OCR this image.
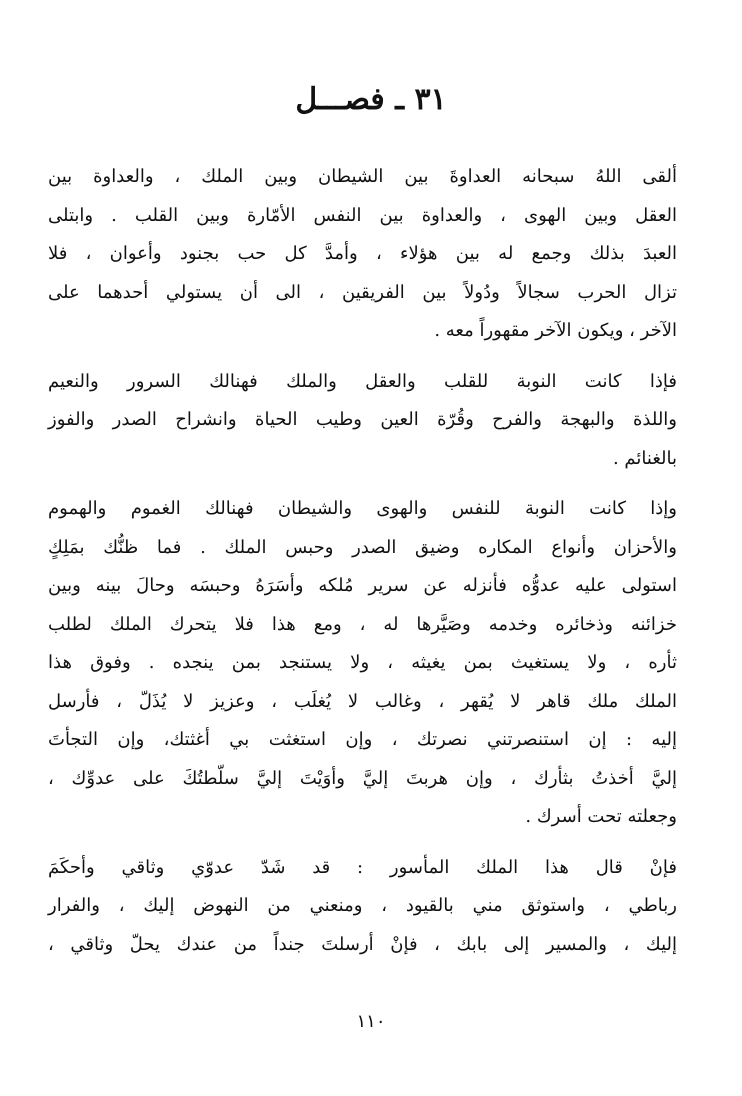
٣١ ـ فصـــل

ألقى اللهُ سبحانه العداوةَ بين الشيطان وبين الملك ، والعداوة بين
العقل وبين الهوى ، والعداوة بين النفس الأمّارة وبين القلب . وابتلى
العبدَ بذلك وجمع له بين هؤلاء ، وأمدَّ كل حب بجنود وأعوان ، فلا
تزال الحرب سجالاً ودُولاً بين الفريقين ، الى أن يستولي أحدهما على
الآخر ، ويكون الآخر مقهوراً معه .

فإذا كانت النوبة للقلب والعقل والملك فهنالك السرور والنعيم
واللذة والبهجة والفرح وقُرّة العين وطيب الحياة وانشراح الصدر والفوز
بالغنائم .

وإذا كانت النوبة للنفس والهوى والشيطان فهنالك الغموم والهموم
والأحزان وأنواع المكاره وضيق الصدر وحبس الملك . فما ظنُّك بمَلِكٍ
استولى عليه عدوُّه فأنزله عن سرير مُلكه وأسَرَهُ وحبسَه وحالَ بينه وبين
خزائنه وذخائره وخدمه وصَيَّرها له ، ومع هذا فلا يتحرك الملك لطلب
ثأره ، ولا يستغيث بمن يغيثه ، ولا يستنجد بمن ينجده . وفوق هذا
الملك ملك قاهر لا يُقهر ، وغالب لا يُغلَب ، وعزيز لا يُذَلّ ، فأرسل
إليه : إن استنصرتني نصرتك ، وإن استغثت بي أغثتك، وإن التجأتَ
إليَّ أخذتُ بثأرك ، وإن هربتَ إليَّ وأوَيْتَ إليَّ سلّطتُكَ على عدوِّك ،
وجعلته تحت أسرك .

فإنْ قال هذا الملك المأسور : قد شَدّ عدوّي وثاقي وأحكَمَ
رباطي ، واستوثق مني بالقيود ، ومنعني من النهوض إليك ، والفرار
إليك ، والمسير إلى بابك ، فإنْ أرسلتَ جنداً من عندك يحلّ وثاقي ،

١١٠
